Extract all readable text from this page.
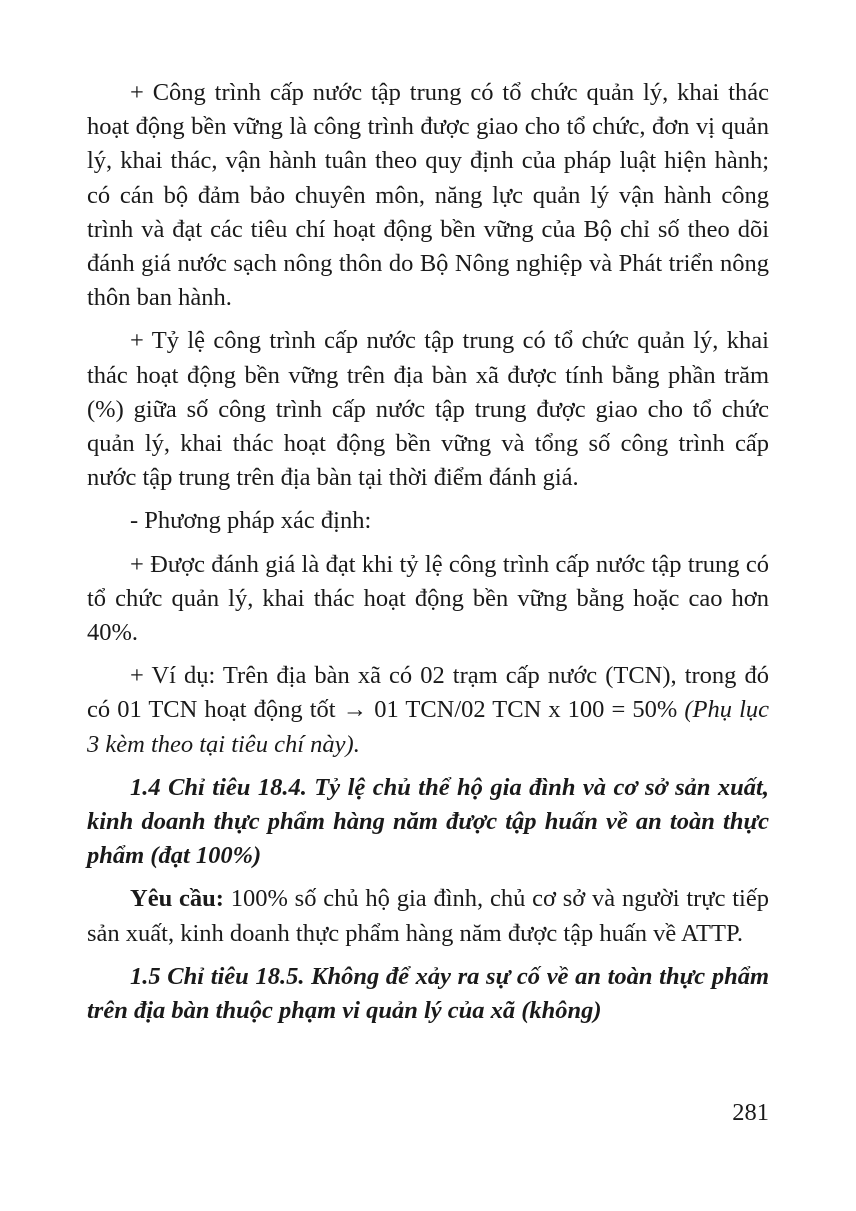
+ Công trình cấp nước tập trung có tổ chức quản lý, khai thác hoạt động bền vững là công trình được giao cho tổ chức, đơn vị quản lý, khai thác, vận hành tuân theo quy định của pháp luật hiện hành; có cán bộ đảm bảo chuyên môn, năng lực quản lý vận hành công trình và đạt các tiêu chí hoạt động bền vững của Bộ chỉ số theo dõi đánh giá nước sạch nông thôn do Bộ Nông nghiệp và Phát triển nông thôn ban hành.

+ Tỷ lệ công trình cấp nước tập trung có tổ chức quản lý, khai thác hoạt động bền vững trên địa bàn xã được tính bằng phần trăm (%) giữa số công trình cấp nước tập trung được giao cho tổ chức quản lý, khai thác hoạt động bền vững và tổng số công trình cấp nước tập trung trên địa bàn tại thời điểm đánh giá.

- Phương pháp xác định:

+ Được đánh giá là đạt khi tỷ lệ công trình cấp nước tập trung có tổ chức quản lý, khai thác hoạt động bền vững bằng hoặc cao hơn 40%.

+ Ví dụ: Trên địa bàn xã có 02 trạm cấp nước (TCN), trong đó có 01 TCN hoạt động tốt → 01 TCN/02 TCN x 100 = 50% (Phụ lục 3 kèm theo tại tiêu chí này).

1.4 Chỉ tiêu 18.4. Tỷ lệ chủ thể hộ gia đình và cơ sở sản xuất, kinh doanh thực phẩm hàng năm được tập huấn về an toàn thực phẩm (đạt 100%)

Yêu cầu: 100% số chủ hộ gia đình, chủ cơ sở và người trực tiếp sản xuất, kinh doanh thực phẩm hàng năm được tập huấn về ATTP.

1.5 Chỉ tiêu 18.5. Không để xảy ra sự cố về an toàn thực phẩm trên địa bàn thuộc phạm vi quản lý của xã (không)

281
